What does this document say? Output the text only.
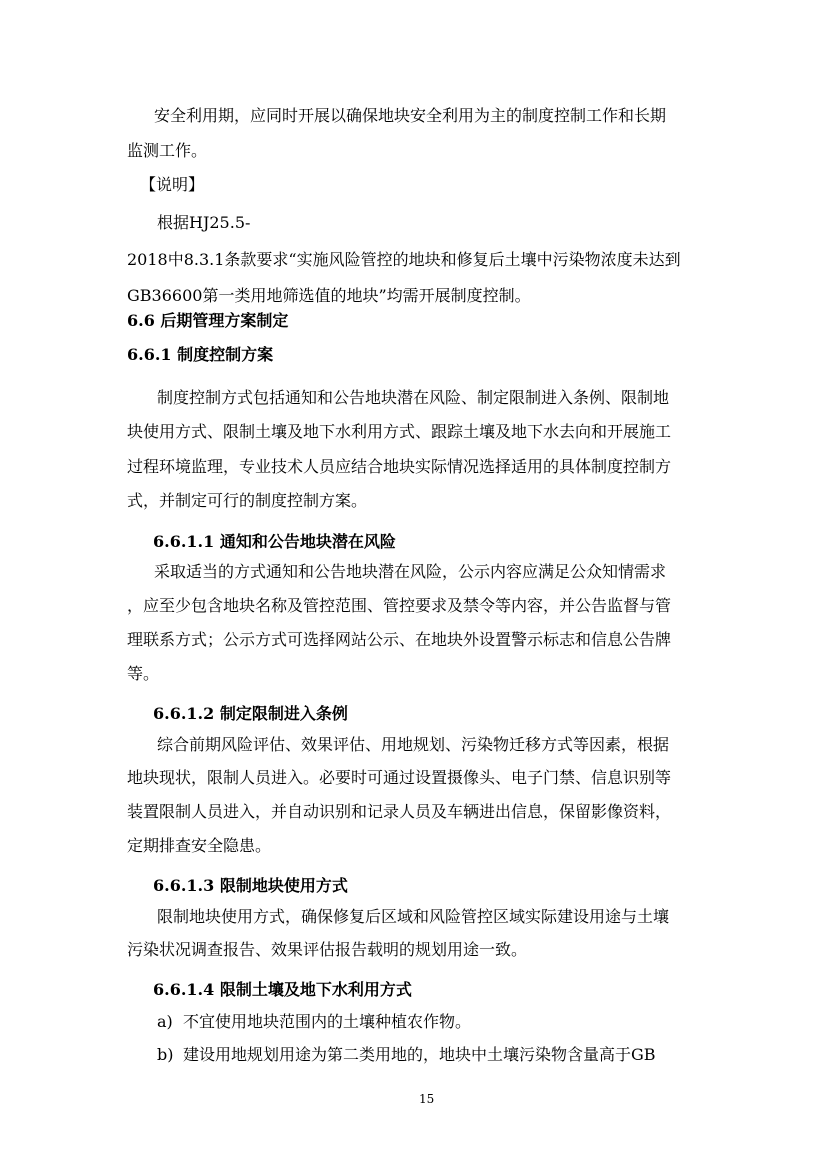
安全利用期，应同时开展以确保地块安全利用为主的制度控制工作和长期
监测工作。
【说明】
根据HJ25.5-
2018中8.3.1条款要求“实施风险管控的地块和修复后土壤中污染物浓度未达到
GB36600第一类用地筛选值的地块”均需开展制度控制。
6.6 后期管理方案制定
6.6.1 制度控制方案
制度控制方式包括通知和公告地块潜在风险、制定限制进入条例、限制地
块使用方式、限制土壤及地下水利用方式、跟踪土壤及地下水去向和开展施工
过程环境监理，专业技术人员应结合地块实际情况选择适用的具体制度控制方
式，并制定可行的制度控制方案。
6.6.1.1 通知和公告地块潜在风险
采取适当的方式通知和公告地块潜在风险，公示内容应满足公众知情需求
，应至少包含地块名称及管控范围、管控要求及禁令等内容，并公告监督与管
理联系方式；公示方式可选择网站公示、在地块外设置警示标志和信息公告牌
等。
6.6.1.2 制定限制进入条例
综合前期风险评估、效果评估、用地规划、污染物迁移方式等因素，根据
地块现状，限制人员进入。必要时可通过设置摄像头、电子门禁、信息识别等
装置限制人员进入，并自动识别和记录人员及车辆进出信息，保留影像资料，
定期排查安全隐患。
6.6.1.3 限制地块使用方式
限制地块使用方式，确保修复后区域和风险管控区域实际建设用途与土壤
污染状况调查报告、效果评估报告载明的规划用途一致。
6.6.1.4 限制土壤及地下水利用方式
a) 不宜使用地块范围内的土壤种植农作物。
b) 建设用地规划用途为第二类用地的，地块中土壤污染物含量高于GB
15
